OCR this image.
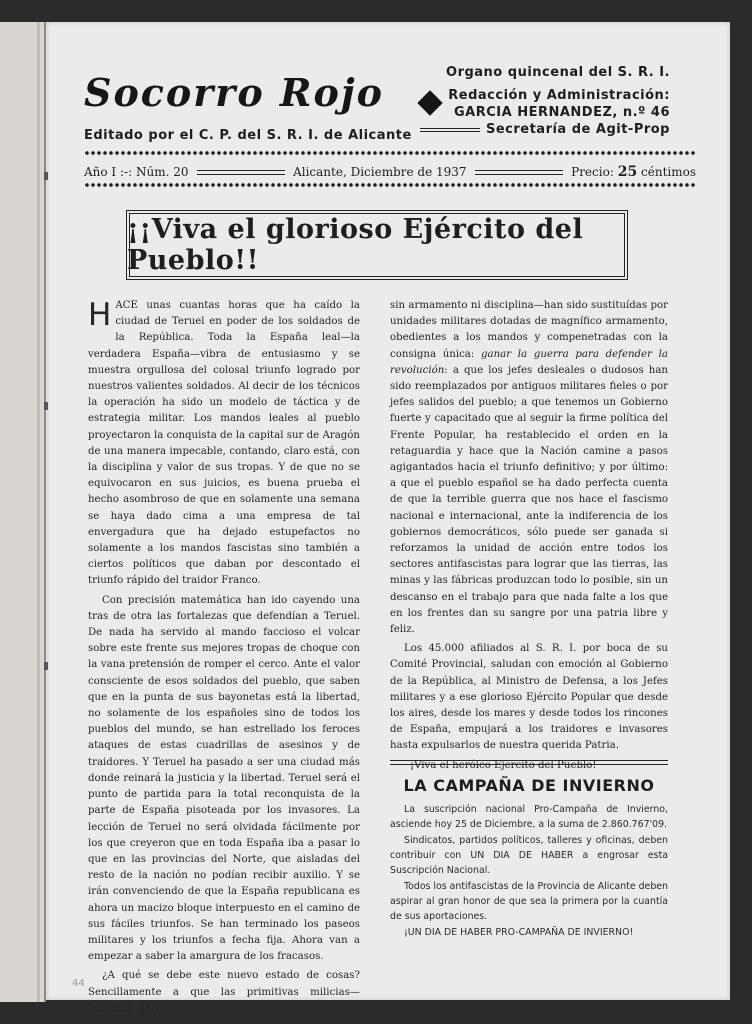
Socorro Rojo
Editado por el C. P. del S. R. I. de Alicante
Organo quincenal del S. R. I.
Redacción y Administración:
GARCIA HERNANDEZ, n.º 46
Secretaría de Agit-Prop
Año I :-: Núm. 20	Alicante, Diciembre de 1937	Precio: 25 céntimos
¡¡Viva el glorioso Ejército del Pueblo!!

HACE unas cuantas horas que ha caído la ciudad de Teruel en poder de los soldados de la República. Toda la España leal—la verdadera España—vibra de entusiasmo y se muestra orgullosa del colosal triunfo logrado por nuestros valientes soldados. Al decir de los técnicos la operación ha sido un modelo de táctica y de estrategia militar. Los mandos leales al pueblo proyectaron la conquista de la capital sur de Aragón de una manera impecable, contando, claro está, con la disciplina y valor de sus tropas. Y de que no se equivocaron en sus juicios, es buena prueba el hecho asombroso de que en solamente una semana se haya dado cima a una empresa de tal envergadura que ha dejado estupefactos no solamente a los mandos fascistas sino también a ciertos políticos que daban por descontado el triunfo rápido del traidor Franco.

Con precisión matemática han ido cayendo una tras de otra las fortalezas que defendían a Teruel. De nada ha servido al mando faccioso el volcar sobre este frente sus mejores tropas de choque con la vana pretensión de romper el cerco. Ante el valor consciente de esos soldados del pueblo, que saben que en la punta de sus bayonetas está la libertad, no solamente de los españoles sino de todos los pueblos del mundo, se han estrellado los feroces ataques de estas cuadrillas de asesinos y de traidores. Y Teruel ha pasado a ser una ciudad más donde reinará la justicia y la libertad. Teruel será el punto de partida para la total reconquista de la parte de España pisoteada por los invasores. La lección de Teruel no será olvidada fácilmente por los que creyeron que en toda España iba a pasar lo que en las provincias del Norte, que aisladas del resto de la nación no podían recibir auxilio. Y se irán convenciendo de que la España republicana es ahora un macizo bloque interpuesto en el camino de sus fáciles triunfos. Se han terminado los paseos militares y los triunfos a fecha fija. Ahora van a empezar a saber la amargura de los fracasos.

¿A qué se debe este nuevo estado de cosas? Sencillamente a que las primitivas milicias—heróicas, pero

sin armamento ni disciplina—han sido sustituídas por unidades militares dotadas de magnífico armamento, obedientes a los mandos y compenetradas con la consigna única: ganar la guerra para defender la revolución: a que los jefes desleales o dudosos han sido reemplazados por antiguos militares fieles o por jefes salidos del pueblo; a que tenemos un Gobierno fuerte y capacitado que al seguir la firme política del Frente Popular, ha restablecido el orden en la retaguardia y hace que la Nación camine a pasos agigantados hacia el triunfo definitivo; y por último: a que el pueblo español se ha dado perfecta cuenta de que la terrible guerra que nos hace el fascismo nacional e internacional, ante la indiferencia de los gobiernos democráticos, sólo puede ser ganada si reforzamos la unidad de acción entre todos los sectores antifascistas para lograr que las tierras, las minas y las fábricas produzcan todo lo posible, sin un descanso en el trabajo para que nada falte a los que en los frentes dan su sangre por una patria libre y feliz.

Los 45.000 afiliados al S. R. I. por boca de su Comité Provincial, saludan con emoción al Gobierno de la República, al Ministro de Defensa, a los Jefes militares y a ese glorioso Ejército Popular que desde los aires, desde los mares y desde todos los rincones de España, empujará a los traidores e invasores hasta expulsarlos de nuestra querida Patria.

¡Viva el heróico Ejercito del Pueblo!

LA CAMPAÑA DE INVIERNO

La suscripción nacional Pro-Campaña de Invierno, asciende hoy 25 de Diciembre, a la suma de 2.860.767'09.

Sindicatos, partidos políticos, talleres y oficinas, deben contribuir con UN DIA DE HABER a engrosar esta Suscripción Nacional.

Todos los antifascistas de la Provincia de Alicante deben aspirar al gran honor de que sea la primera por la cuantía de sus aportaciones.

¡UN DIA DE HABER PRO-CAMPAÑA DE INVIERNO!

44
